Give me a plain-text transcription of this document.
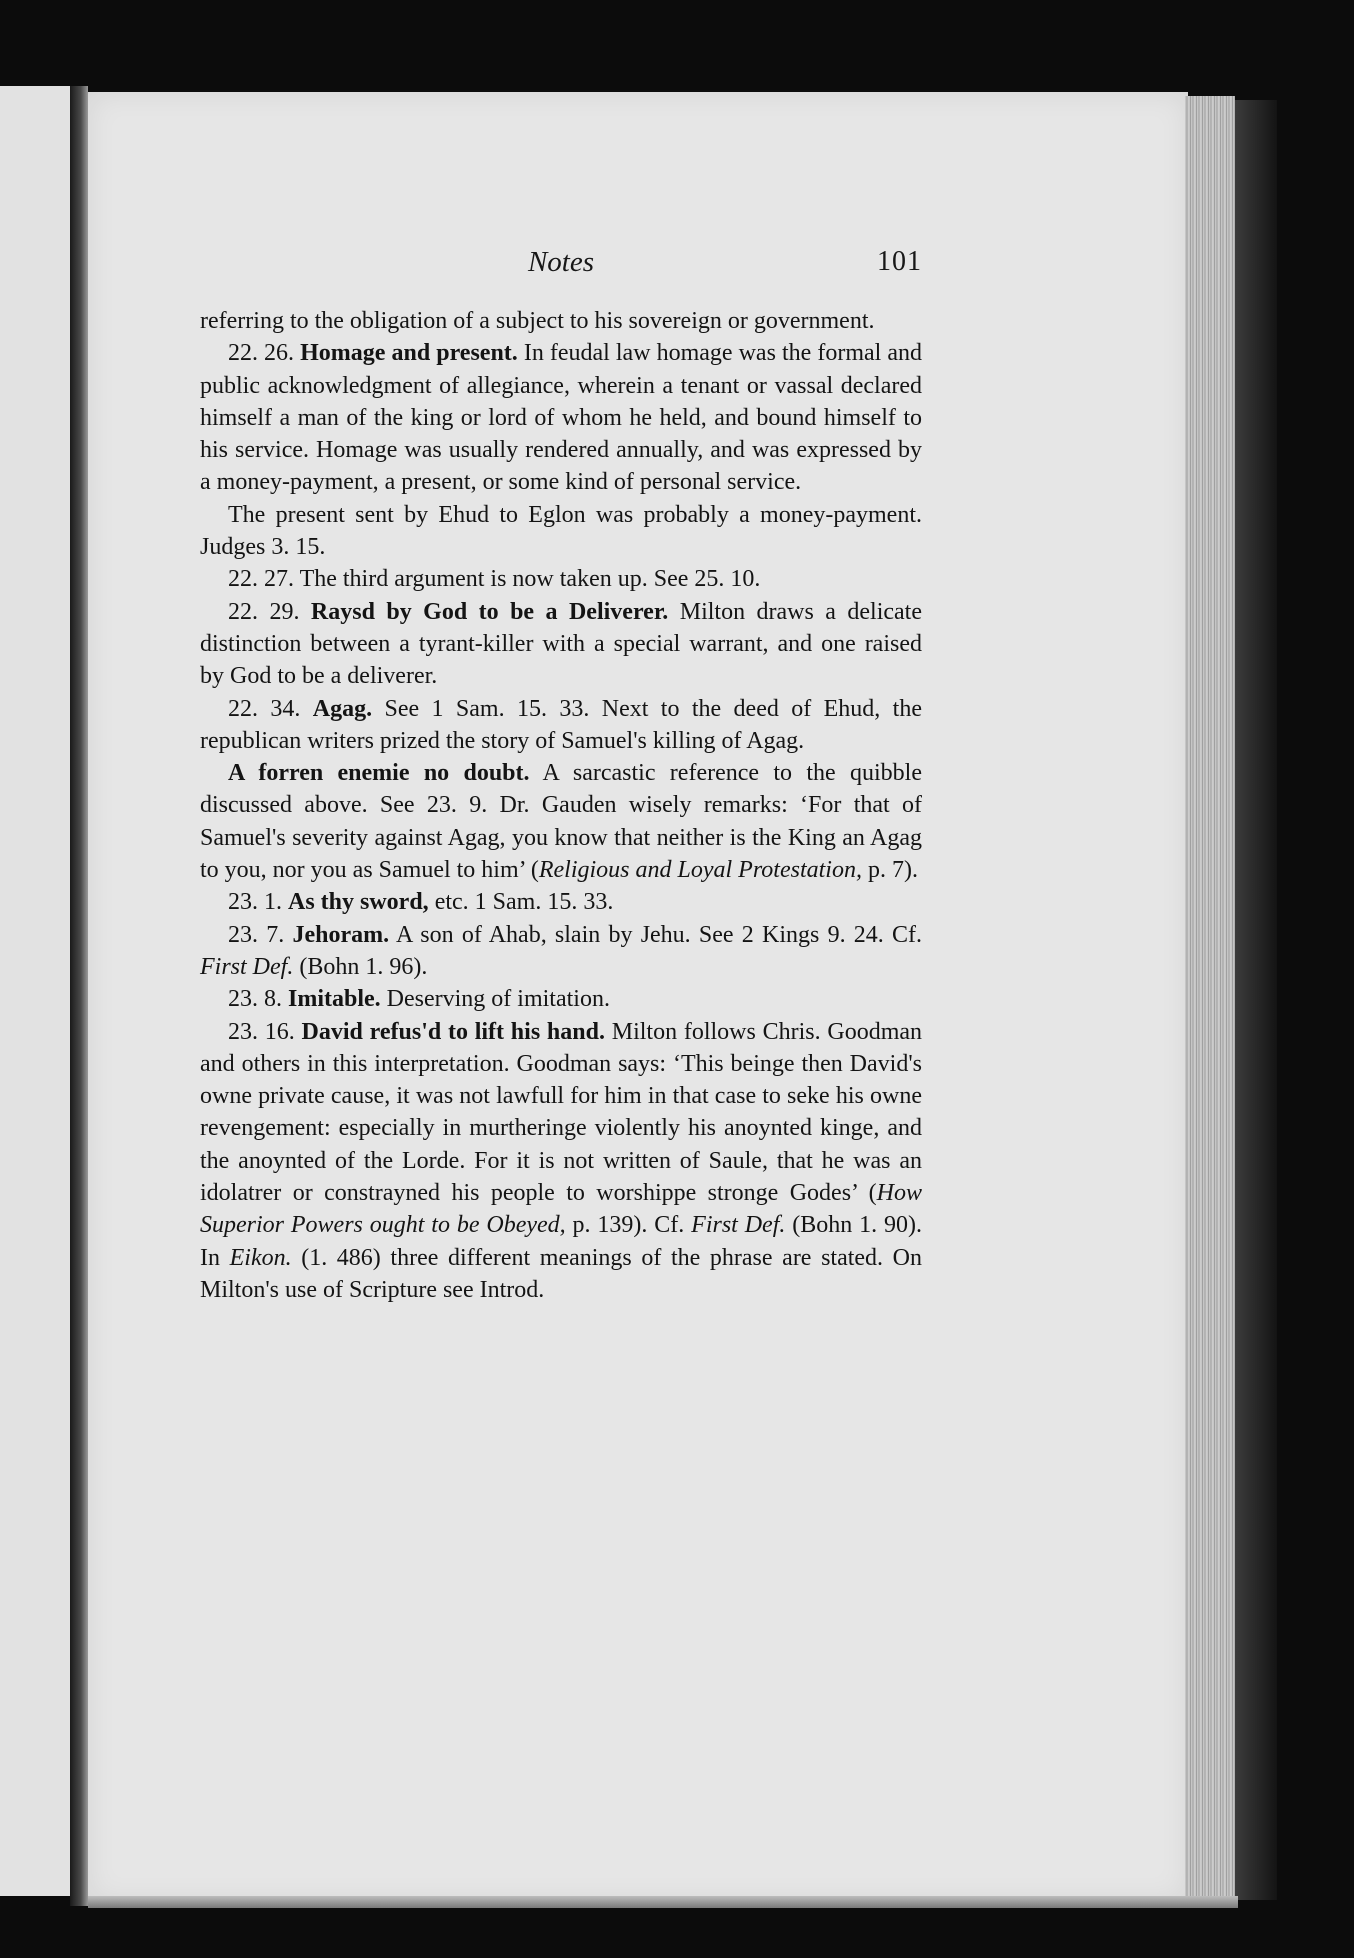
Notes	101

referring to the obligation of a subject to his sovereign or government.

22. 26. Homage and present. In feudal law homage was the formal and public acknowledgment of allegiance, wherein a tenant or vassal declared himself a man of the king or lord of whom he held, and bound himself to his service. Homage was usually rendered annually, and was expressed by a money-payment, a present, or some kind of personal service.

The present sent by Ehud to Eglon was probably a money-payment. Judges 3. 15.

22. 27. The third argument is now taken up. See 25. 10.

22. 29. Raysd by God to be a Deliverer. Milton draws a delicate distinction between a tyrant-killer with a special warrant, and one raised by God to be a deliverer.

22. 34. Agag. See 1 Sam. 15. 33. Next to the deed of Ehud, the republican writers prized the story of Samuel's killing of Agag.

A forren enemie no doubt. A sarcastic reference to the quibble discussed above. See 23. 9. Dr. Gauden wisely remarks: ‘For that of Samuel's severity against Agag, you know that neither is the King an Agag to you, nor you as Samuel to him’ (Religious and Loyal Protestation, p. 7).

23. 1. As thy sword, etc. 1 Sam. 15. 33.

23. 7. Jehoram. A son of Ahab, slain by Jehu. See 2 Kings 9. 24. Cf. First Def. (Bohn 1. 96).

23. 8. Imitable. Deserving of imitation.

23. 16. David refus'd to lift his hand. Milton follows Chris. Goodman and others in this interpretation. Goodman says: ‘This beinge then David's owne private cause, it was not lawfull for him in that case to seke his owne revengement: especially in murtheringe violently his anoynted kinge, and the anoynted of the Lorde. For it is not written of Saule, that he was an idolatrer or constrayned his people to worshippe stronge Godes’ (How Superior Powers ought to be Obeyed, p. 139). Cf. First Def. (Bohn 1. 90). In Eikon. (1. 486) three different meanings of the phrase are stated. On Milton's use of Scripture see Introd.
